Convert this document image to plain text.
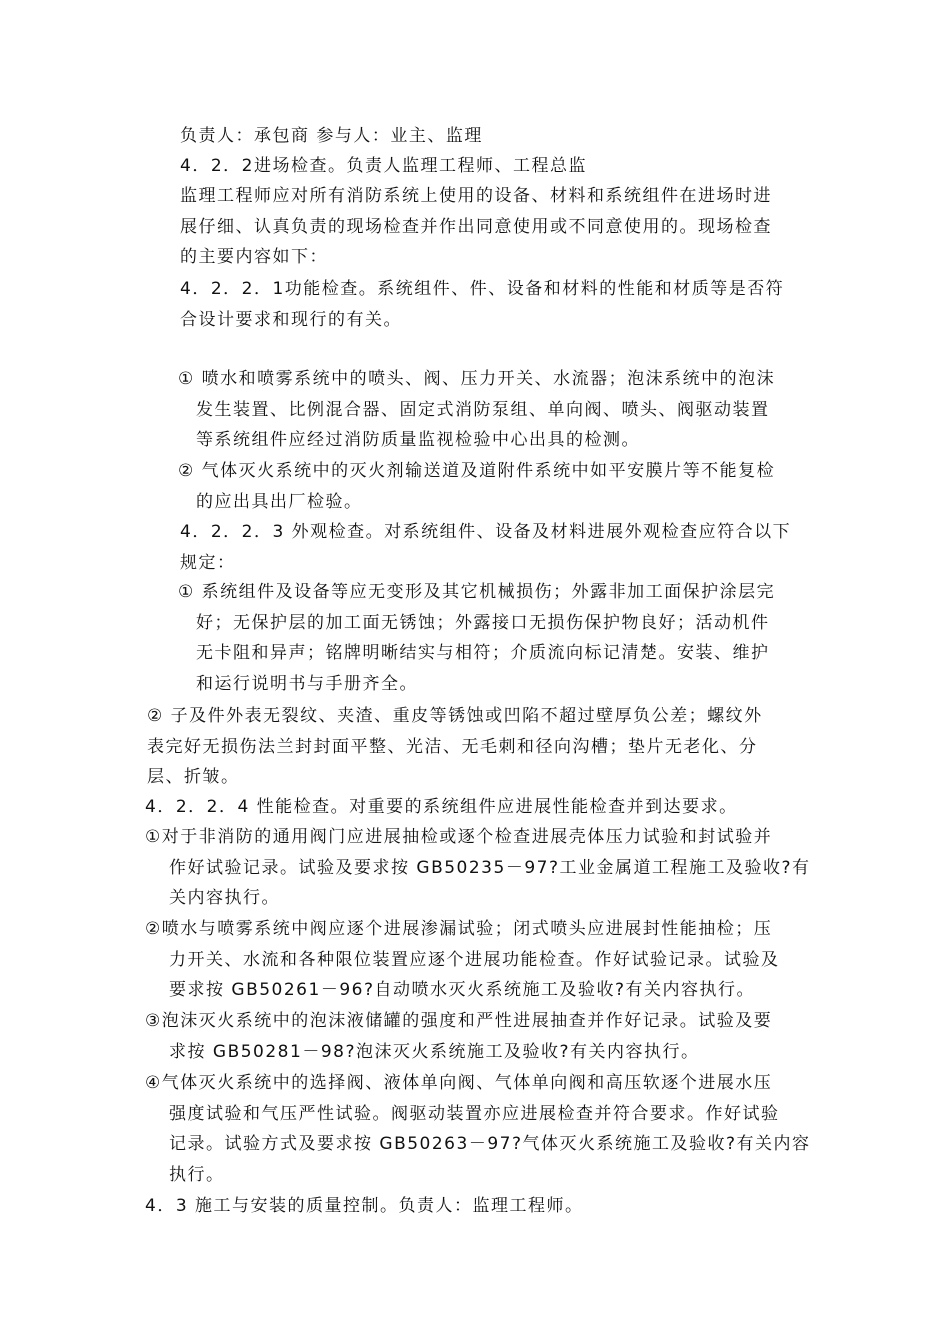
负责人：承包商 参与人：业主、监理

4．2．2进场检查。负责人监理工程师、工程总监

监理工程师应对所有消防系统上使用的设备、材料和系统组件在进场时进
展仔细、认真负责的现场检查并作出同意使用或不同意使用的。现场检查
的主要内容如下：

4．2．2．1功能检查。系统组件、件、设备和材料的性能和材质等是否符
合设计要求和现行的有关。

① 喷水和喷雾系统中的喷头、阀、压力开关、水流器；泡沫系统中的泡沫
发生装置、比例混合器、固定式消防泵组、单向阀、喷头、阀驱动装置
等系统组件应经过消防质量监视检验中心出具的检测。

② 气体灭火系统中的灭火剂输送道及道附件系统中如平安膜片等不能复检
的应出具出厂检验。

4．2．2．3 外观检查。对系统组件、设备及材料进展外观检查应符合以下
规定：

① 系统组件及设备等应无变形及其它机械损伤；外露非加工面保护涂层完
好；无保护层的加工面无锈蚀；外露接口无损伤保护物良好；活动机件
无卡阻和异声；铭牌明晰结实与相符；介质流向标记清楚。安装、维护
和运行说明书与手册齐全。

② 子及件外表无裂纹、夹渣、重皮等锈蚀或凹陷不超过壁厚负公差；螺纹外
表完好无损伤法兰封封面平整、光洁、无毛刺和径向沟槽；垫片无老化、分
层、折皱。

4．2．2．4 性能检查。对重要的系统组件应进展性能检查并到达要求。

①对于非消防的通用阀门应进展抽检或逐个检查进展壳体压力试验和封试验并
作好试验记录。试验及要求按 GB50235－97?工业金属道工程施工及验收?有
关内容执行。

②喷水与喷雾系统中阀应逐个进展渗漏试验；闭式喷头应进展封性能抽检；压
力开关、水流和各种限位装置应逐个进展功能检查。作好试验记录。试验及
要求按 GB50261－96?自动喷水灭火系统施工及验收?有关内容执行。

③泡沫灭火系统中的泡沫液储罐的强度和严性进展抽查并作好记录。试验及要
求按 GB50281－98?泡沫灭火系统施工及验收?有关内容执行。

④气体灭火系统中的选择阀、液体单向阀、气体单向阀和高压软逐个进展水压
强度试验和气压严性试验。阀驱动装置亦应进展检查并符合要求。作好试验
记录。试验方式及要求按 GB50263－97?气体灭火系统施工及验收?有关内容
执行。

4．3 施工与安装的质量控制。负责人：监理工程师。
